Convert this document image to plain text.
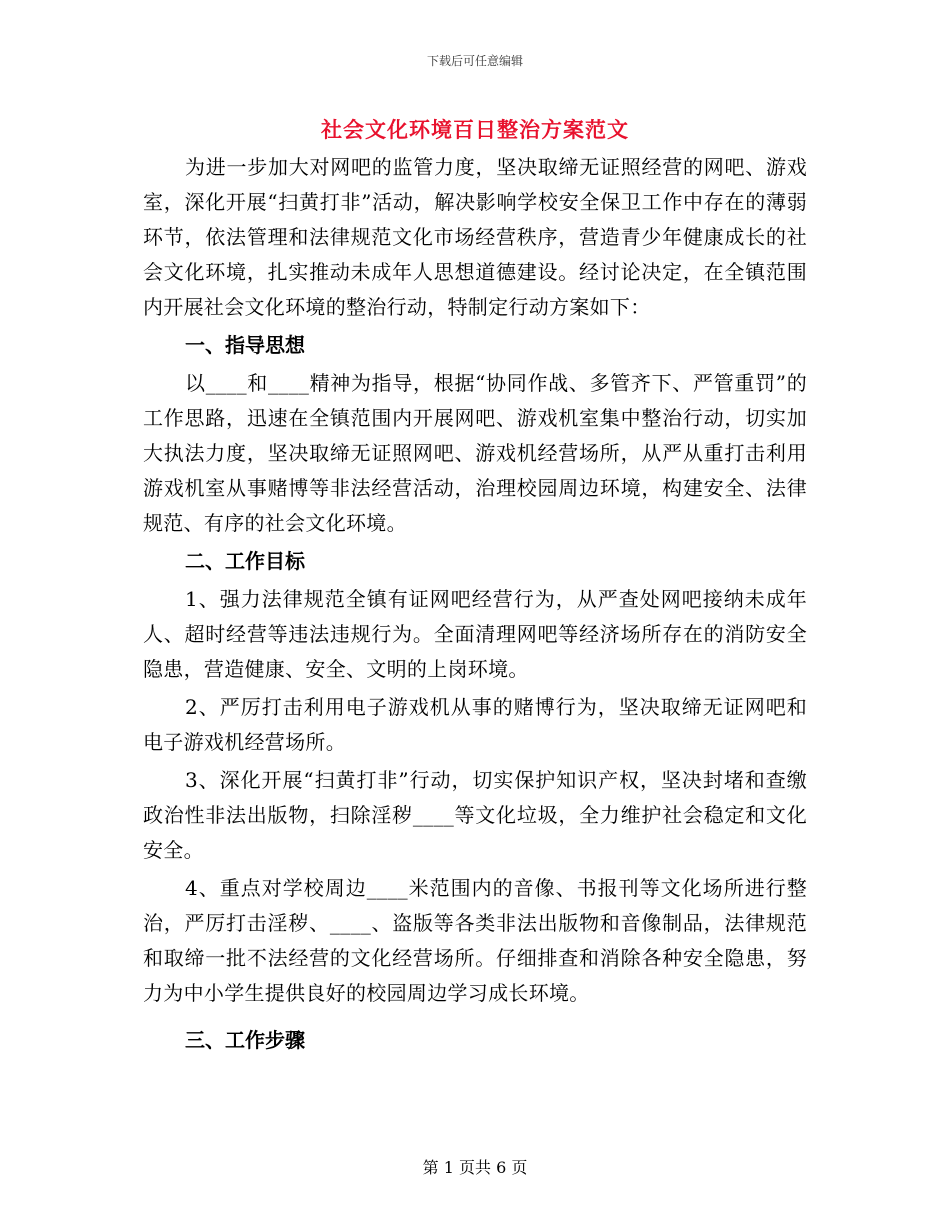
下载后可任意编辑
社会文化环境百日整治方案范文

为进一步加大对网吧的监管力度，坚决取缔无证照经营的网吧、游戏室，深化开展“扫黄打非”活动，解决影响学校安全保卫工作中存在的薄弱环节，依法管理和法律规范文化市场经营秩序，营造青少年健康成长的社会文化环境，扎实推动未成年人思想道德建设。经讨论决定，在全镇范围内开展社会文化环境的整治行动，特制定行动方案如下：

一、指导思想

以____和____精神为指导，根据“协同作战、多管齐下、严管重罚”的工作思路，迅速在全镇范围内开展网吧、游戏机室集中整治行动，切实加大执法力度，坚决取缔无证照网吧、游戏机经营场所，从严从重打击利用游戏机室从事赌博等非法经营活动，治理校园周边环境，构建安全、法律规范、有序的社会文化环境。

二、工作目标

1、强力法律规范全镇有证网吧经营行为，从严查处网吧接纳未成年人、超时经营等违法违规行为。全面清理网吧等经济场所存在的消防安全隐患，营造健康、安全、文明的上岗环境。

2、严厉打击利用电子游戏机从事的赌博行为，坚决取缔无证网吧和电子游戏机经营场所。

3、深化开展“扫黄打非”行动，切实保护知识产权，坚决封堵和查缴政治性非法出版物，扫除淫秽____等文化垃圾，全力维护社会稳定和文化安全。

4、重点对学校周边____米范围内的音像、书报刊等文化场所进行整治，严厉打击淫秽、____、盗版等各类非法出版物和音像制品，法律规范和取缔一批不法经营的文化经营场所。仔细排查和消除各种安全隐患，努力为中小学生提供良好的校园周边学习成长环境。

三、工作步骤

第 1 页共 6 页
